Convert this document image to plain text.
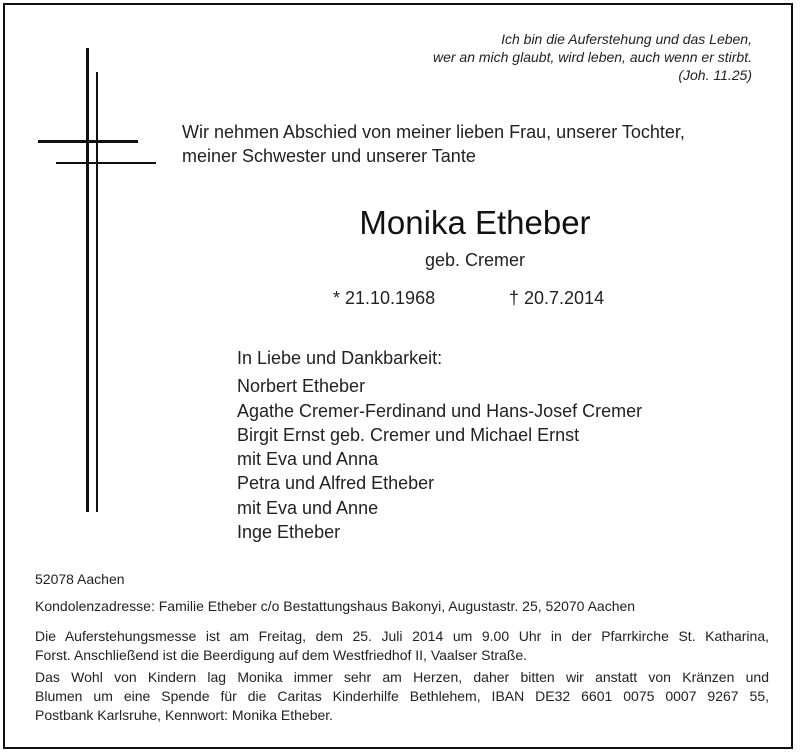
Ich bin die Auferstehung und das Leben,
wer an mich glaubt, wird leben, auch wenn er stirbt.
(Joh. 11.25)
Wir nehmen Abschied von meiner lieben Frau, unserer Tochter,
meiner Schwester und unserer Tante
Monika Etheber
geb. Cremer
* 21.10.1968	† 20.7.2014
In Liebe und Dankbarkeit:
Norbert Etheber
Agathe Cremer-Ferdinand und Hans-Josef Cremer
Birgit Ernst geb. Cremer und Michael Ernst
mit Eva und Anna
Petra und Alfred Etheber
mit Eva und Anne
Inge Etheber
52078 Aachen
Kondolenzadresse: Familie Etheber c/o Bestattungshaus Bakonyi, Augustastr. 25, 52070 Aachen
Die Auferstehungsmesse ist am Freitag, dem 25. Juli 2014 um 9.00 Uhr in der Pfarrkirche St. Katharina,
Forst. Anschließend ist die Beerdigung auf dem Westfriedhof II, Vaalser Straße.
Das Wohl von Kindern lag Monika immer sehr am Herzen, daher bitten wir anstatt von Kränzen und
Blumen um eine Spende für die Caritas Kinderhilfe Bethlehem, IBAN DE32 6601 0075 0007 9267 55,
Postbank Karlsruhe, Kennwort: Monika Etheber.
